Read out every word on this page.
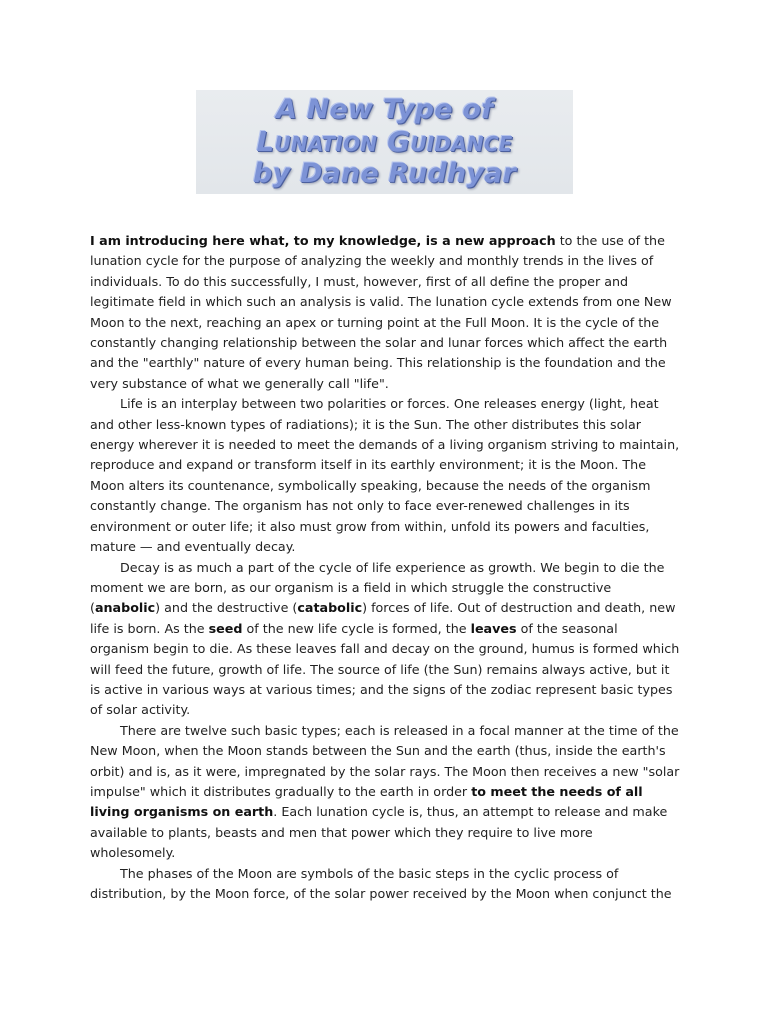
A New Type of
Lunation Guidance
by Dane Rudhyar

I am introducing here what, to my knowledge, is a new approach to the use of the lunation cycle for the purpose of analyzing the weekly and monthly trends in the lives of individuals. To do this successfully, I must, however, first of all define the proper and legitimate field in which such an analysis is valid. The lunation cycle extends from one New Moon to the next, reaching an apex or turning point at the Full Moon. It is the cycle of the constantly changing relationship between the solar and lunar forces which affect the earth and the "earthly" nature of every human being. This relationship is the foundation and the very substance of what we generally call "life".

Life is an interplay between two polarities or forces. One releases energy (light, heat and other less-known types of radiations); it is the Sun. The other distributes this solar energy wherever it is needed to meet the demands of a living organism striving to maintain, reproduce and expand or transform itself in its earthly environment; it is the Moon. The Moon alters its countenance, symbolically speaking, because the needs of the organism constantly change. The organism has not only to face ever-renewed challenges in its environment or outer life; it also must grow from within, unfold its powers and faculties, mature — and eventually decay.

Decay is as much a part of the cycle of life experience as growth. We begin to die the moment we are born, as our organism is a field in which struggle the constructive (anabolic) and the destructive (catabolic) forces of life. Out of destruction and death, new life is born. As the seed of the new life cycle is formed, the leaves of the seasonal organism begin to die. As these leaves fall and decay on the ground, humus is formed which will feed the future, growth of life. The source of life (the Sun) remains always active, but it is active in various ways at various times; and the signs of the zodiac represent basic types of solar activity.

There are twelve such basic types; each is released in a focal manner at the time of the New Moon, when the Moon stands between the Sun and the earth (thus, inside the earth's orbit) and is, as it were, impregnated by the solar rays. The Moon then receives a new "solar impulse" which it distributes gradually to the earth in order to meet the needs of all living organisms on earth. Each lunation cycle is, thus, an attempt to release and make available to plants, beasts and men that power which they require to live more wholesomely.

The phases of the Moon are symbols of the basic steps in the cyclic process of distribution, by the Moon force, of the solar power received by the Moon when conjunct the
